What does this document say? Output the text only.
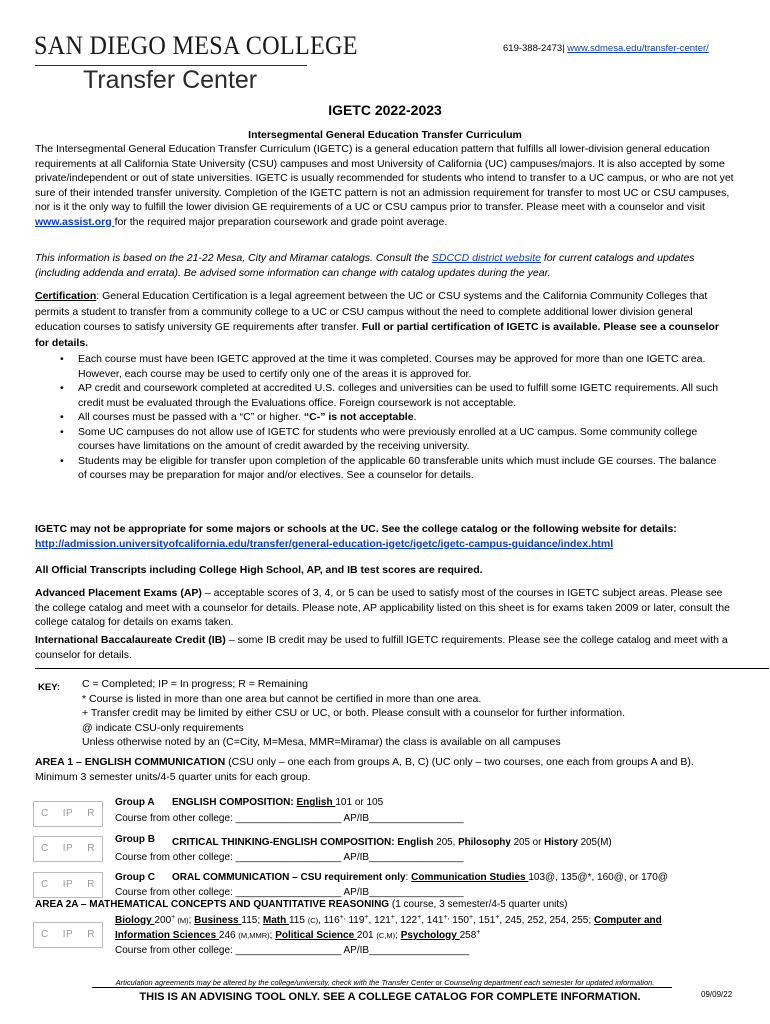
SAN DIEGO MESA COLLEGE
Transfer Center
619-388-2473| www.sdmesa.edu/transfer-center/
IGETC 2022-2023
Intersegmental General Education Transfer Curriculum
The Intersegmental General Education Transfer Curriculum (IGETC) is a general education pattern that fulfills all lower-division general education requirements at all California State University (CSU) campuses and most University of California (UC) campuses/majors. It is also accepted by some private/independent or out of state universities. IGETC is usually recommended for students who intend to transfer to a UC campus, or who are not yet sure of their intended transfer university. Completion of the IGETC pattern is not an admission requirement for transfer to most UC or CSU campuses, nor is it the only way to fulfill the lower division GE requirements of a UC or CSU campus prior to transfer. Please meet with a counselor and visit www.assist.org for the required major preparation coursework and grade point average.
This information is based on the 21-22 Mesa, City and Miramar catalogs. Consult the SDCCD district website for current catalogs and updates (including addenda and errata). Be advised some information can change with catalog updates during the year.
Certification: General Education Certification is a legal agreement between the UC or CSU systems and the California Community Colleges that permits a student to transfer from a community college to a UC or CSU campus without the need to complete additional lower division general education courses to satisfy university GE requirements after transfer. Full or partial certification of IGETC is available. Please see a counselor for details.
• Each course must have been IGETC approved at the time it was completed. Courses may be approved for more than one IGETC area. However, each course may be used to certify only one of the areas it is approved for.
• AP credit and coursework completed at accredited U.S. colleges and universities can be used to fulfill some IGETC requirements. All such credit must be evaluated through the Evaluations office. Foreign coursework is not acceptable.
• All courses must be passed with a “C” or higher. “C-” is not acceptable.
• Some UC campuses do not allow use of IGETC for students who were previously enrolled at a UC campus. Some community college courses have limitations on the amount of credit awarded by the receiving university.
• Students may be eligible for transfer upon completion of the applicable 60 transferable units which must include GE courses. The balance of courses may be preparation for major and/or electives. See a counselor for details.
IGETC may not be appropriate for some majors or schools at the UC. See the college catalog or the following website for details:
http://admission.universityofcalifornia.edu/transfer/general-education-igetc/igetc/igetc-campus-guidance/index.html
All Official Transcripts including College High School, AP, and IB test scores are required.
Advanced Placement Exams (AP) – acceptable scores of 3, 4, or 5 can be used to satisfy most of the courses in IGETC subject areas. Please see the college catalog and meet with a counselor for details. Please note, AP applicability listed on this sheet is for exams taken 2009 or later, consult the college catalog for details on exams taken.
International Baccalaureate Credit (IB) – some IB credit may be used to fulfill IGETC requirements. Please see the college catalog and meet with a counselor for details.
KEY: C = Completed; IP = In progress; R = Remaining
* Course is listed in more than one area but cannot be certified in more than one area.
+ Transfer credit may be limited by either CSU or UC, or both. Please consult with a counselor for further information.
@ indicate CSU-only requirements
Unless otherwise noted by an (C=City, M=Mesa, MMR=Miramar) the class is available on all campuses
AREA 1 – ENGLISH COMMUNICATION (CSU only – one each from groups A, B, C) (UC only – two courses, one each from groups A and B). Minimum 3 semester units/4-5 quarter units for each group.
C IP R
Group A ENGLISH COMPOSITION: English 101 or 105
Course from other college: ___________________ AP/IB_________________
C IP R
Group B CRITICAL THINKING-ENGLISH COMPOSITION: English 205, Philosophy 205 or History 205(M)
Course from other college: ___________________ AP/IB_________________
C IP R
Group C ORAL COMMUNICATION – CSU requirement only: Communication Studies 103@, 135@*, 160@, or 170@
Course from other college: ___________________ AP/IB_________________
AREA 2A – MATHEMATICAL CONCEPTS AND QUANTITATIVE REASONING (1 course, 3 semester/4-5 quarter units)
C IP R
Biology 200+ (M); Business 115; Math 115 (C), 116+, 119+, 121+, 122+, 141+, 150+, 151+, 245, 252, 254, 255; Computer and
Information Sciences 246 (M,MMR); Political Science 201 (C,M); Psychology 258+
Course from other college: ___________________ AP/IB__________________
Articulation agreements may be altered by the college/university, check with the Transfer Center or Counseling department each semester for updated information.
THIS IS AN ADVISING TOOL ONLY. SEE A COLLEGE CATALOG FOR COMPLETE INFORMATION.	09/09/22
